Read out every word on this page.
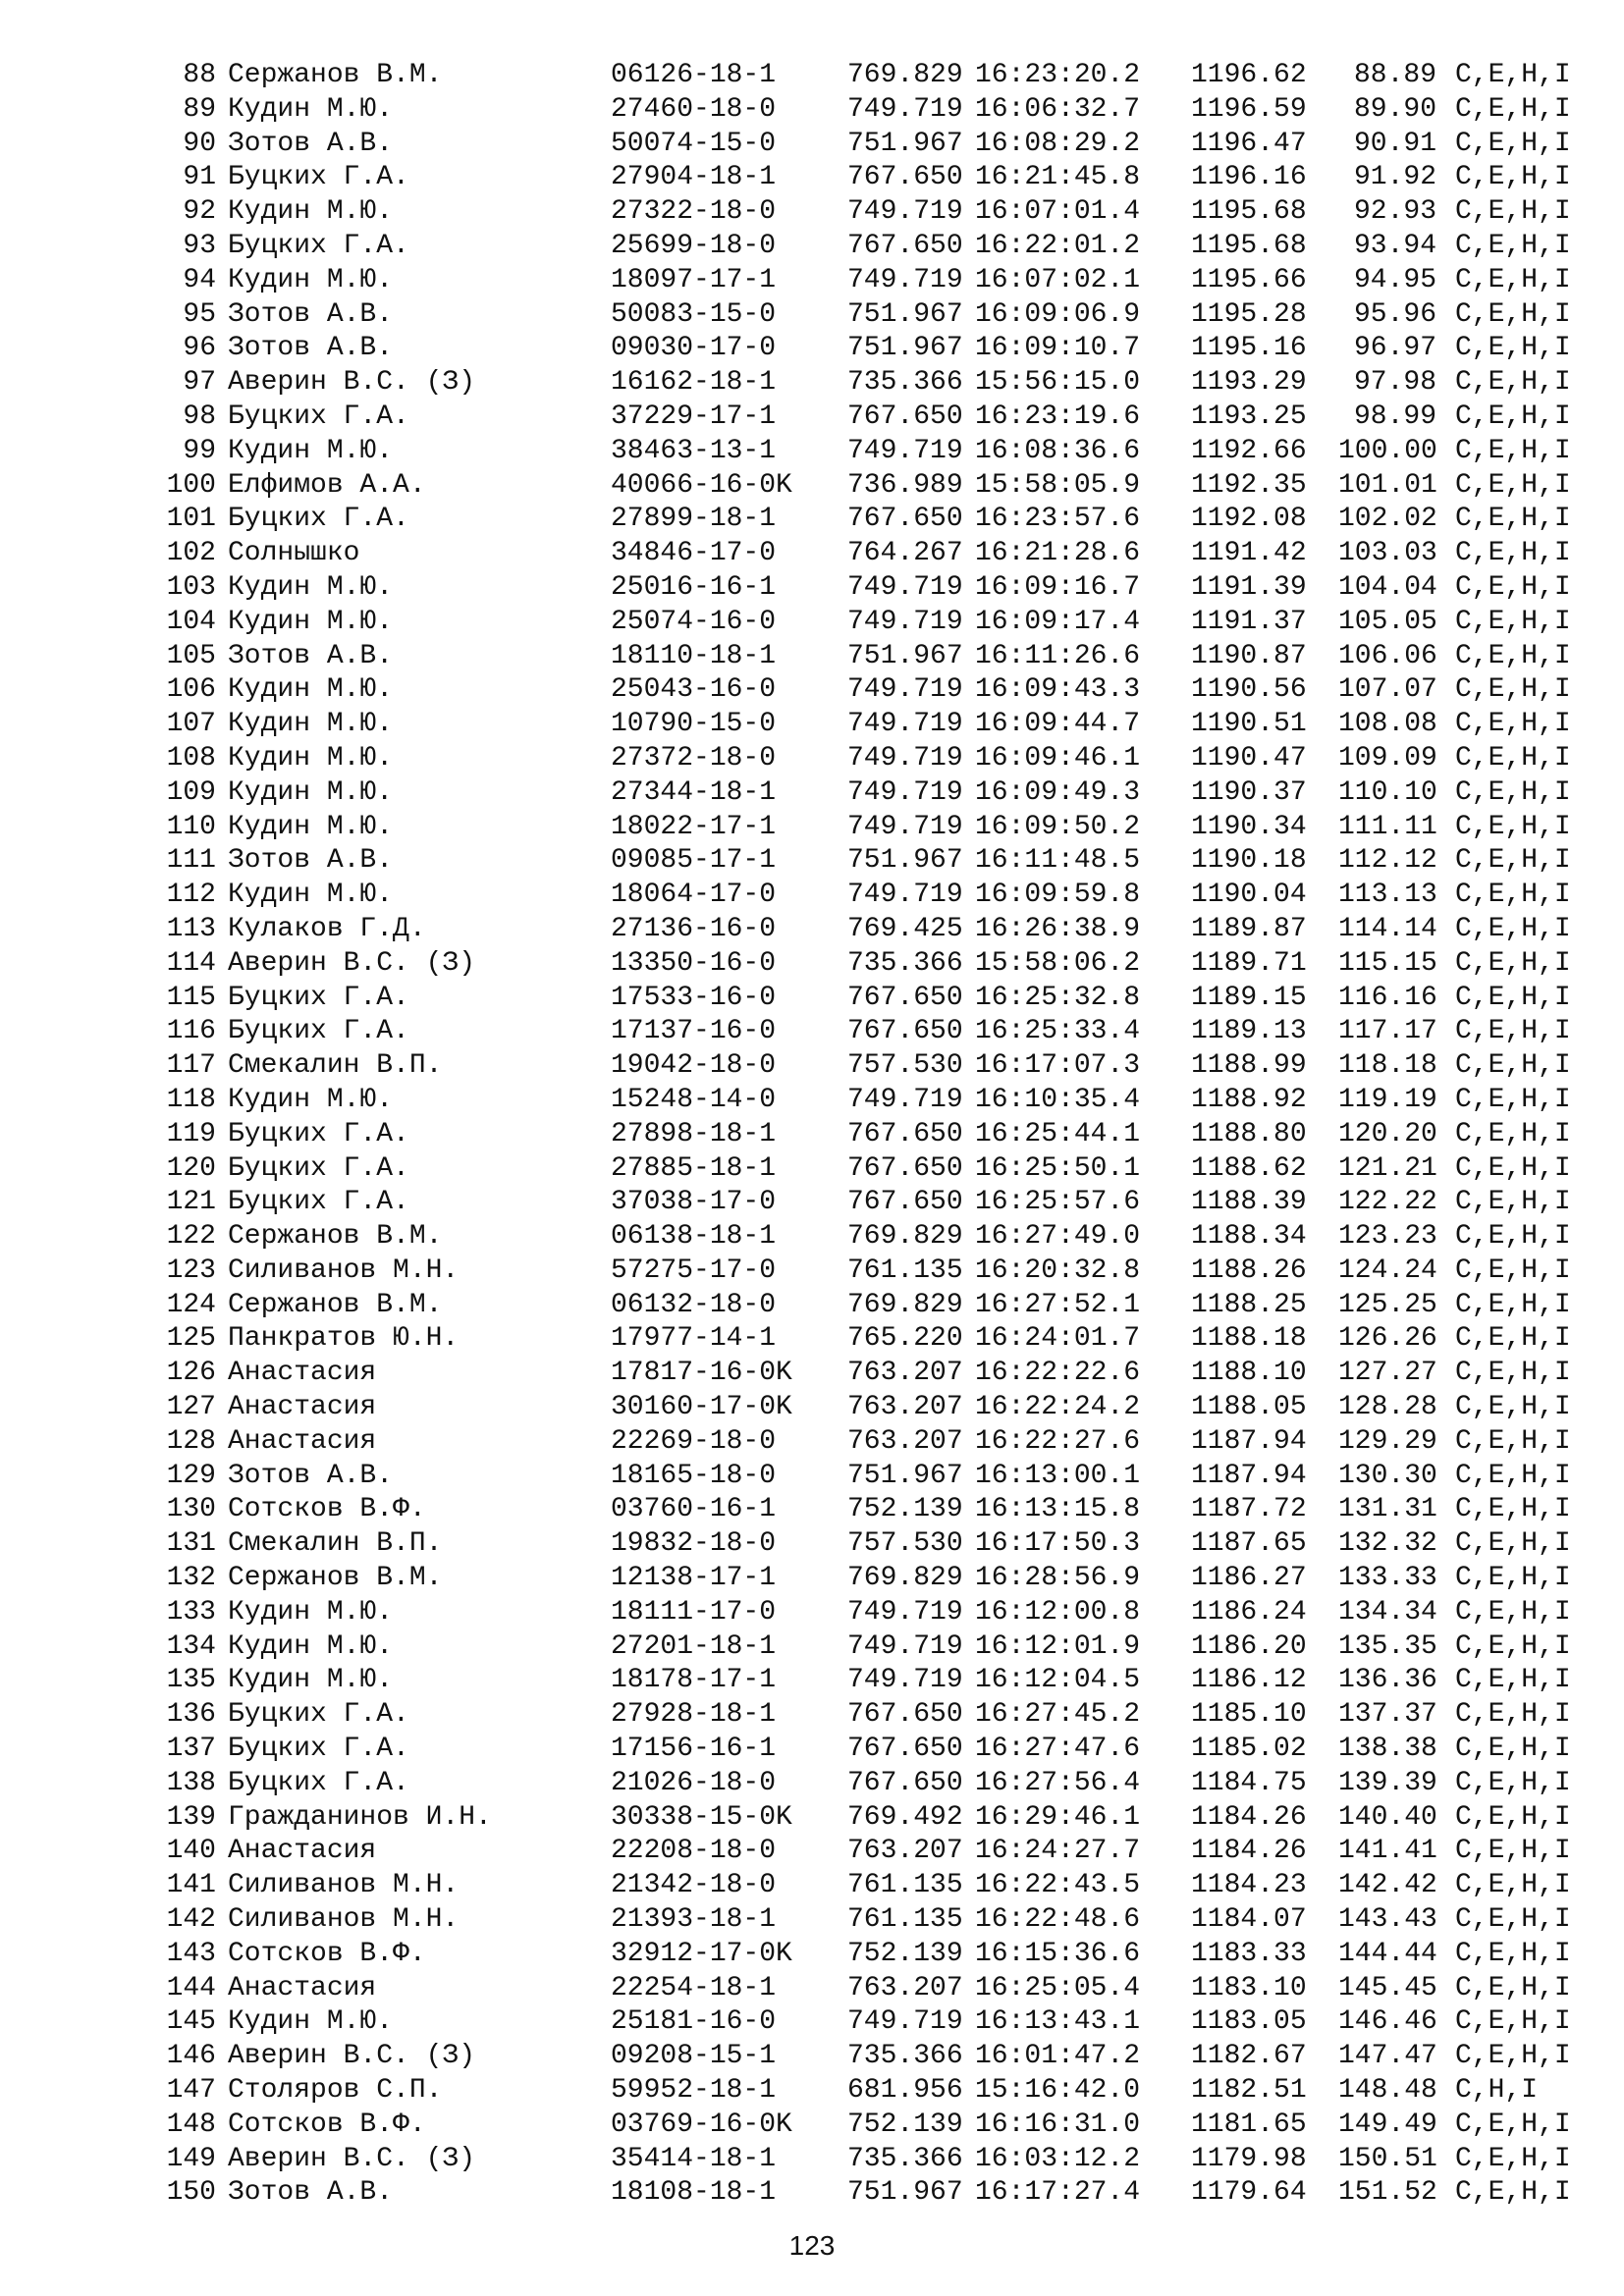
88 Сержанов В.М.	06126-18-1	769.829 16:23:20.2 1196.62	88.89 C,E,H,I
89 Кудин М.Ю.	27460-18-0	749.719 16:06:32.7 1196.59	89.90 C,E,H,I
90 Зотов А.В.	50074-15-0	751.967 16:08:29.2 1196.47	90.91 C,E,H,I
91 Буцких Г.А.	27904-18-1	767.650 16:21:45.8 1196.16	91.92 C,E,H,I
92 Кудин М.Ю.	27322-18-0	749.719 16:07:01.4 1195.68	92.93 C,E,H,I
93 Буцких Г.А.	25699-18-0	767.650 16:22:01.2 1195.68	93.94 C,E,H,I
94 Кудин М.Ю.	18097-17-1	749.719 16:07:02.1 1195.66	94.95 C,E,H,I
95 Зотов А.В.	50083-15-0	751.967 16:09:06.9 1195.28	95.96 C,E,H,I
96 Зотов А.В.	09030-17-0	751.967 16:09:10.7 1195.16	96.97 C,E,H,I
97 Аверин В.С. (З)	16162-18-1	735.366 15:56:15.0 1193.29	97.98 C,E,H,I
98 Буцких Г.А.	37229-17-1	767.650 16:23:19.6 1193.25	98.99 C,E,H,I
99 Кудин М.Ю.	38463-13-1	749.719 16:08:36.6 1192.66 100.00 C,E,H,I
100 Елфимов А.А.	40066-16-0K 736.989 15:58:05.9 1192.35 101.01 C,E,H,I
101 Буцких Г.А.	27899-18-1	767.650 16:23:57.6 1192.08 102.02 C,E,H,I
102 Солнышко	34846-17-0	764.267 16:21:28.6 1191.42 103.03 C,E,H,I
103 Кудин М.Ю.	25016-16-1	749.719 16:09:16.7 1191.39 104.04 C,E,H,I
104 Кудин М.Ю.	25074-16-0	749.719 16:09:17.4 1191.37 105.05 C,E,H,I
105 Зотов А.В.	18110-18-1	751.967 16:11:26.6 1190.87 106.06 C,E,H,I
106 Кудин М.Ю.	25043-16-0	749.719 16:09:43.3 1190.56 107.07 C,E,H,I
107 Кудин М.Ю.	10790-15-0	749.719 16:09:44.7 1190.51 108.08 C,E,H,I
108 Кудин М.Ю.	27372-18-0	749.719 16:09:46.1 1190.47 109.09 C,E,H,I
109 Кудин М.Ю.	27344-18-1	749.719 16:09:49.3 1190.37 110.10 C,E,H,I
110 Кудин М.Ю.	18022-17-1	749.719 16:09:50.2 1190.34 111.11 C,E,H,I
111 Зотов А.В.	09085-17-1	751.967 16:11:48.5 1190.18 112.12 C,E,H,I
112 Кудин М.Ю.	18064-17-0	749.719 16:09:59.8 1190.04 113.13 C,E,H,I
113 Кулаков Г.Д.	27136-16-0	769.425 16:26:38.9 1189.87 114.14 C,E,H,I
114 Аверин В.С. (З)	13350-16-0	735.366 15:58:06.2 1189.71 115.15 C,E,H,I
115 Буцких Г.А.	17533-16-0	767.650 16:25:32.8 1189.15 116.16 C,E,H,I
116 Буцких Г.А.	17137-16-0	767.650 16:25:33.4 1189.13 117.17 C,E,H,I
117 Смекалин В.П.	19042-18-0	757.530 16:17:07.3 1188.99 118.18 C,E,H,I
118 Кудин М.Ю.	15248-14-0	749.719 16:10:35.4 1188.92 119.19 C,E,H,I
119 Буцких Г.А.	27898-18-1	767.650 16:25:44.1 1188.80 120.20 C,E,H,I
120 Буцких Г.А.	27885-18-1	767.650 16:25:50.1 1188.62 121.21 C,E,H,I
121 Буцких Г.А.	37038-17-0	767.650 16:25:57.6 1188.39 122.22 C,E,H,I
122 Сержанов В.М.	06138-18-1	769.829 16:27:49.0 1188.34 123.23 C,E,H,I
123 Силиванов М.Н.	57275-17-0	761.135 16:20:32.8 1188.26 124.24 C,E,H,I
124 Сержанов В.М.	06132-18-0	769.829 16:27:52.1 1188.25 125.25 C,E,H,I
125 Панкратов Ю.Н.	17977-14-1	765.220 16:24:01.7 1188.18 126.26 C,E,H,I
126 Анастасия	17817-16-0K 763.207 16:22:22.6 1188.10 127.27 C,E,H,I
127 Анастасия	30160-17-0K 763.207 16:22:24.2 1188.05 128.28 C,E,H,I
128 Анастасия	22269-18-0	763.207 16:22:27.6 1187.94 129.29 C,E,H,I
129 Зотов А.В.	18165-18-0	751.967 16:13:00.1 1187.94 130.30 C,E,H,I
130 Сотсков В.Ф.	03760-16-1	752.139 16:13:15.8 1187.72 131.31 C,E,H,I
131 Смекалин В.П.	19832-18-0	757.530 16:17:50.3 1187.65 132.32 C,E,H,I
132 Сержанов В.М.	12138-17-1	769.829 16:28:56.9 1186.27 133.33 C,E,H,I
133 Кудин М.Ю.	18111-17-0	749.719 16:12:00.8 1186.24 134.34 C,E,H,I
134 Кудин М.Ю.	27201-18-1	749.719 16:12:01.9 1186.20 135.35 C,E,H,I
135 Кудин М.Ю.	18178-17-1	749.719 16:12:04.5 1186.12 136.36 C,E,H,I
136 Буцких Г.А.	27928-18-1	767.650 16:27:45.2 1185.10 137.37 C,E,H,I
137 Буцких Г.А.	17156-16-1	767.650 16:27:47.6 1185.02 138.38 C,E,H,I
138 Буцких Г.А.	21026-18-0	767.650 16:27:56.4 1184.75 139.39 C,E,H,I
139 Гражданинов И.Н.	30338-15-0K 769.492 16:29:46.1 1184.26 140.40 C,E,H,I
140 Анастасия	22208-18-0	763.207 16:24:27.7 1184.26 141.41 C,E,H,I
141 Силиванов М.Н.	21342-18-0	761.135 16:22:43.5 1184.23 142.42 C,E,H,I
142 Силиванов М.Н.	21393-18-1	761.135 16:22:48.6 1184.07 143.43 C,E,H,I
143 Сотсков В.Ф.	32912-17-0K 752.139 16:15:36.6 1183.33 144.44 C,E,H,I
144 Анастасия	22254-18-1	763.207 16:25:05.4 1183.10 145.45 C,E,H,I
145 Кудин М.Ю.	25181-16-0	749.719 16:13:43.1 1183.05 146.46 C,E,H,I
146 Аверин В.С. (З)	09208-15-1	735.366 16:01:47.2 1182.67 147.47 C,E,H,I
147 Столяров С.П.	59952-18-1	681.956 15:16:42.0 1182.51 148.48 C,H,I
148 Сотсков В.Ф.	03769-16-0K 752.139 16:16:31.0 1181.65 149.49 C,E,H,I
149 Аверин В.С. (З)	35414-18-1	735.366 16:03:12.2 1179.98 150.51 C,E,H,I
150 Зотов А.В.	18108-18-1	751.967 16:17:27.4 1179.64 151.52 C,E,H,I
123
